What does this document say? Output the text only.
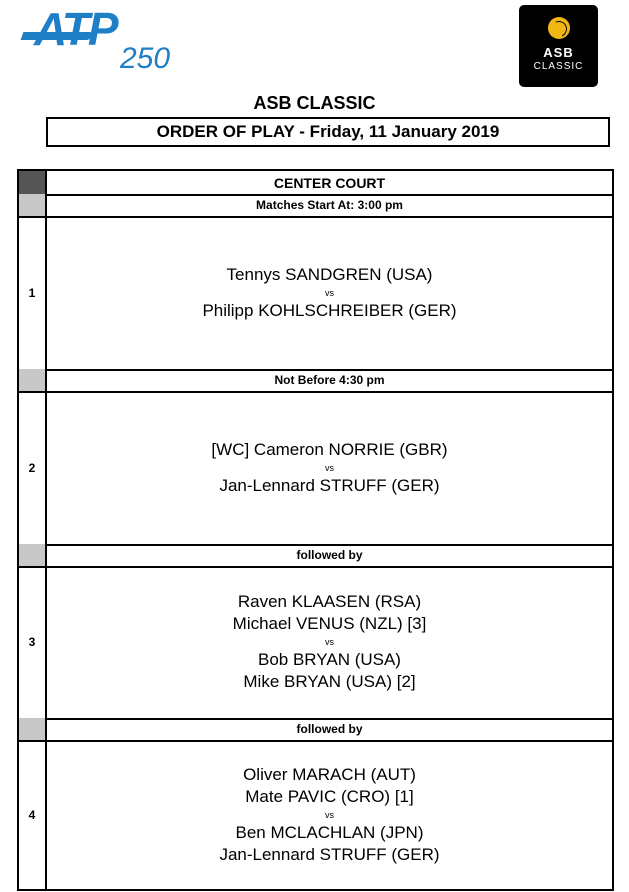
ATP
250	ASB
CLASSIC
ASB CLASSIC
ORDER OF PLAY - Friday, 11 January 2019
CENTER COURT
Matches Start At: 3:00 pm
1
Tennys SANDGREN (USA)
vs
Philipp KOHLSCHREIBER (GER)
Not Before 4:30 pm
2
[WC] Cameron NORRIE (GBR)
vs
Jan-Lennard STRUFF (GER)
followed by
3
Raven KLAASEN (RSA)
Michael VENUS (NZL) [3]
vs
Bob BRYAN (USA)
Mike BRYAN (USA) [2]
followed by
4
Oliver MARACH (AUT)
Mate PAVIC (CRO) [1]
vs
Ben MCLACHLAN (JPN)
Jan-Lennard STRUFF (GER)
